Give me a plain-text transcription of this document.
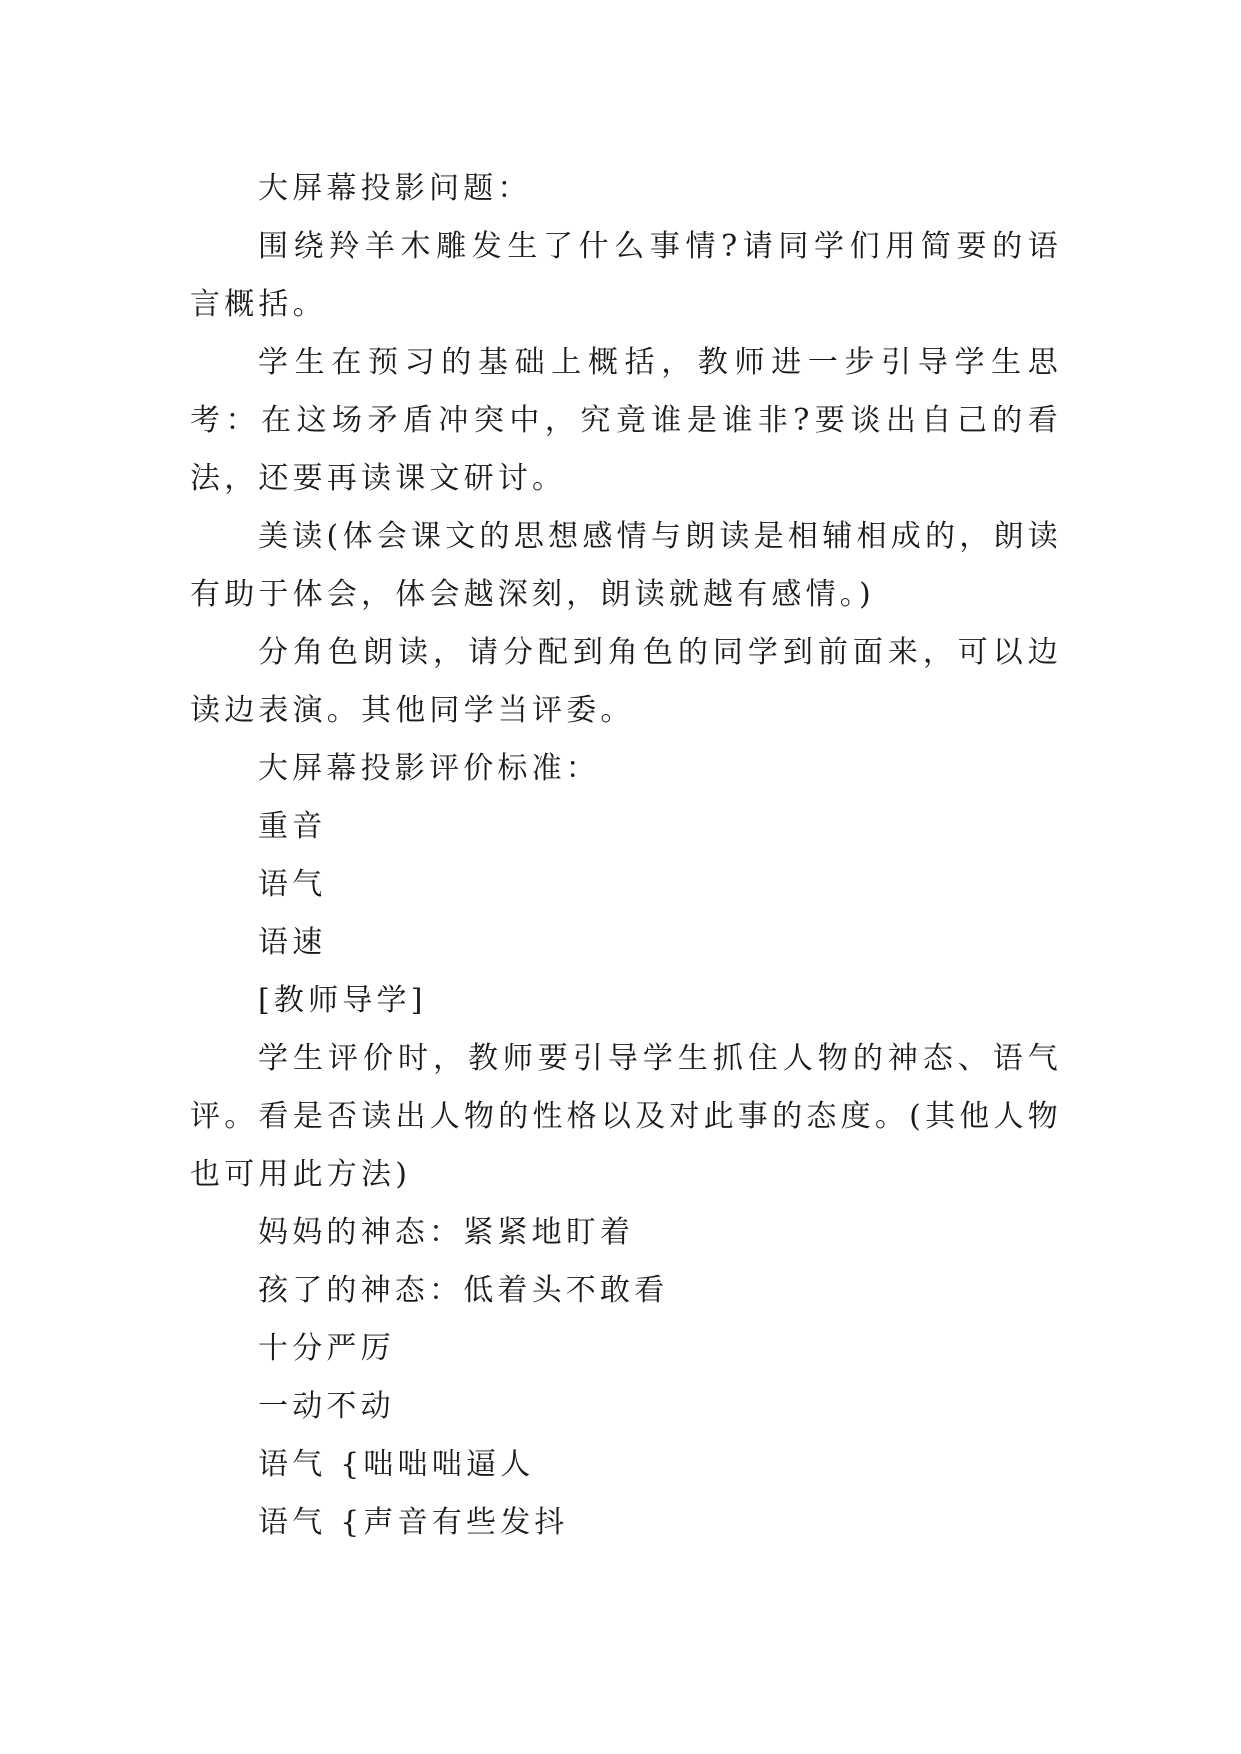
大屏幕投影问题：

围绕羚羊木雕发生了什么事情?请同学们用简要的语言概括。

学生在预习的基础上概括，教师进一步引导学生思考：在这场矛盾冲突中，究竟谁是谁非?要谈出自己的看法，还要再读课文研讨。

美读(体会课文的思想感情与朗读是相辅相成的，朗读有助于体会，体会越深刻，朗读就越有感情。)

分角色朗读，请分配到角色的同学到前面来，可以边读边表演。其他同学当评委。

大屏幕投影评价标准：

重音

语气

语速

[教师导学]

学生评价时，教师要引导学生抓住人物的神态、语气评。看是否读出人物的性格以及对此事的态度。(其他人物也可用此方法)

妈妈的神态：紧紧地盯着

孩了的神态：低着头不敢看

十分严厉

一动不动

语气 {咄咄咄逼人

语气 {声音有些发抖
